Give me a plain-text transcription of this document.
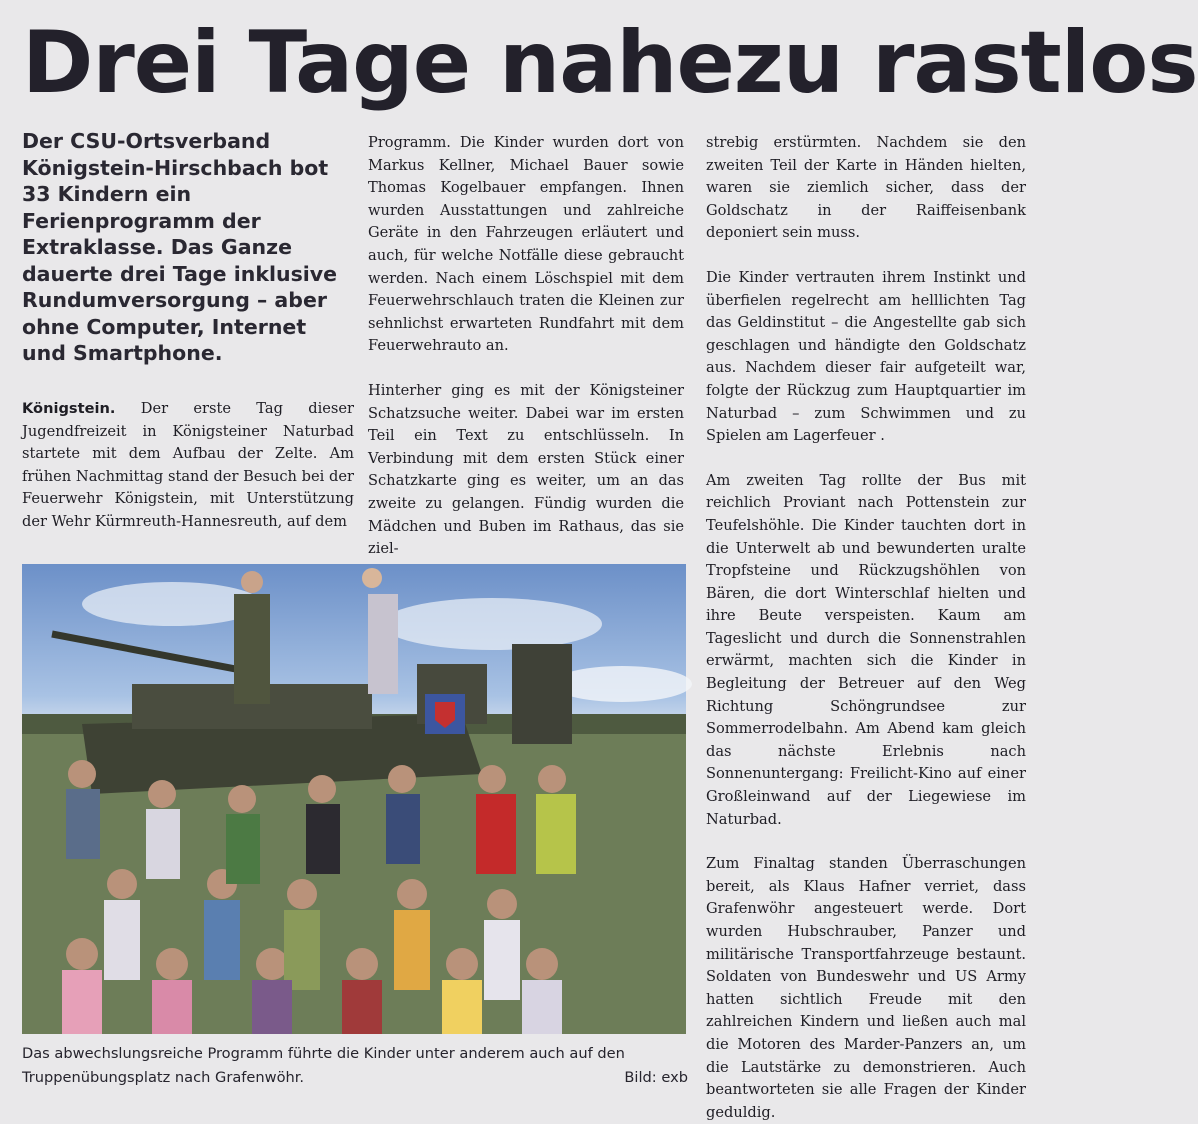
Drei Tage nahezu rastlos

Der CSU-Ortsverband Königstein-Hirschbach bot 33 Kindern ein Ferienprogramm der Extraklasse. Das Ganze dauerte drei Tage inklusive Rundumversorgung – aber ohne Computer, Internet und Smartphone.

Königstein. Der erste Tag dieser Jugendfreizeit in Königsteiner Naturbad startete mit dem Aufbau der Zelte. Am frühen Nachmittag stand der Besuch bei der Feuerwehr Königstein, mit Unterstützung der Wehr Kürmreuth-Hannesreuth, auf dem

Programm. Die Kinder wurden dort von Markus Kellner, Michael Bauer sowie Thomas Kogelbauer empfangen. Ihnen wurden Ausstattungen und zahlreiche Geräte in den Fahrzeugen erläutert und auch, für welche Notfälle diese gebraucht werden. Nach einem Löschspiel mit dem Feuerwehrschlauch traten die Kleinen zur sehnlichst erwarteten Rundfahrt mit dem Feuerwehrauto an.

Hinterher ging es mit der Königsteiner Schatzsuche weiter. Dabei war im ersten Teil ein Text zu entschlüsseln. In Verbindung mit dem ersten Stück einer Schatzkarte ging es weiter, um an das zweite zu gelangen. Fündig wurden die Mädchen und Buben im Rathaus, das sie ziel-

strebig erstürmten. Nachdem sie den zweiten Teil der Karte in Händen hielten, waren sie ziemlich sicher, dass der Goldschatz in der Raiffeisenbank deponiert sein muss.

Die Kinder vertrauten ihrem Instinkt und überfielen regelrecht am helllichten Tag das Geldinstitut – die Angestellte gab sich geschlagen und händigte den Goldschatz aus. Nachdem dieser fair aufgeteilt war, folgte der Rückzug zum Hauptquartier im Naturbad – zum Schwimmen und zu Spielen am Lagerfeuer .

Am zweiten Tag rollte der Bus mit reichlich Proviant nach Pottenstein zur Teufelshöhle. Die Kinder tauchten dort in die Unterwelt ab und bewunderten uralte Tropfsteine und Rückzugshöhlen von Bären, die dort Winterschlaf hielten und ihre Beute verspeisten. Kaum am Tageslicht und durch die Sonnenstrahlen erwärmt, machten sich die Kinder in Begleitung der Betreuer auf den Weg Richtung Schöngrundsee zur Sommerrodelbahn. Am Abend kam gleich das nächste Erlebnis nach Sonnenuntergang: Freilicht-Kino auf einer Großleinwand auf der Liegewiese im Naturbad.

Zum Finaltag standen Überraschungen bereit, als Klaus Hafner verriet, dass Grafenwöhr angesteuert werde. Dort wurden Hubschrauber, Panzer und militärische Transportfahrzeuge bestaunt. Soldaten von Bundeswehr und US Army hatten sichtlich Freude mit den zahlreichen Kindern und ließen auch mal die Motoren des Marder-Panzers an, um die Lautstärke zu demonstrieren. Auch beantworteten sie alle Fragen der Kinder geduldig.

Das abwechslungsreiche Programm führte die Kinder unter anderem auch auf den Truppenübungsplatz nach Grafenwöhr.	Bild: exb
